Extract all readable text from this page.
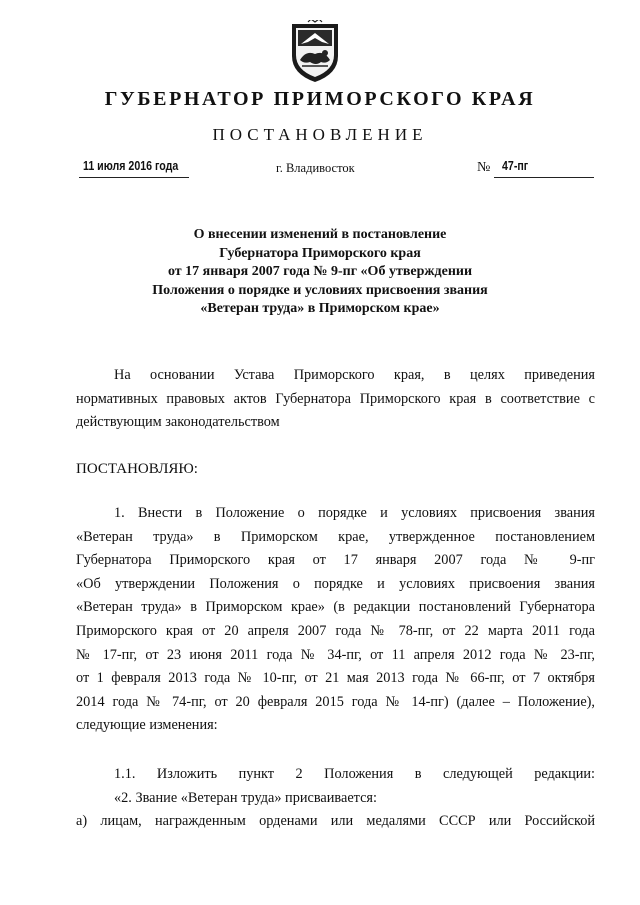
ГУБЕРНАТОР ПРИМОРСКОГО КРАЯ
ПОСТАНОВЛЕНИЕ
11 июля 2016 года	г. Владивосток	№ 47-пг
О внесении изменений в постановление
Губернатора Приморского края
от 17 января 2007 года № 9-пг «Об утверждении
Положения о порядке и условиях присвоения звания
«Ветеран труда» в Приморском крае»
На основании Устава Приморского края, в целях приведения
нормативных правовых актов Губернатора Приморского края в соответствие с
действующим законодательством
ПОСТАНОВЛЯЮ:
1. Внести в Положение о порядке и условиях присвоения звания
«Ветеран труда» в Приморском крае, утвержденное постановлением
Губернатора Приморского края от 17 января 2007 года № 9-пг
«Об утверждении Положения о порядке и условиях присвоения звания
«Ветеран труда» в Приморском крае» (в редакции постановлений Губернатора
Приморского края от 20 апреля 2007 года № 78-пг, от 22 марта 2011 года
№ 17-пг, от 23 июня 2011 года № 34-пг, от 11 апреля 2012 года № 23-пг,
от 1 февраля 2013 года № 10-пг, от 21 мая 2013 года № 66-пг, от 7 октября
2014 года № 74-пг, от 20 февраля 2015 года № 14-пг) (далее – Положение),
следующие изменения:
1.1. Изложить пункт 2 Положения в следующей редакции:
«2. Звание «Ветеран труда» присваивается:
а) лицам, награжденным орденами или медалями СССР или Российской
